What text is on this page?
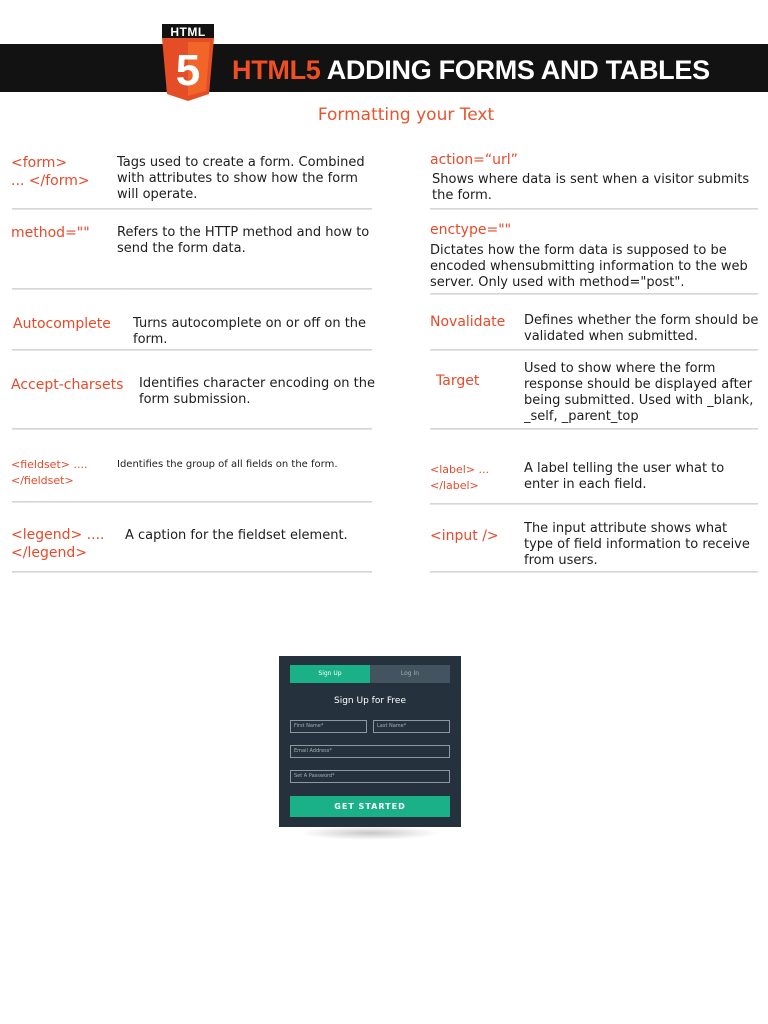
5
HTML
HTML5 ADDING FORMS AND TABLES
Formatting your Text
<form>
... </form>
Tags used to create a form. Combined with attributes to show how the form will operate.
method="" Refers to the HTTP method and how to send the form data.
Autocomplete Turns autocomplete on or off on the form.
Accept-charsets Identifies character encoding on the form submission.
<fieldset> ....
</fieldset>
Identifies the group of all fields on the form.
<legend> ....
</legend>
A caption for the fieldset element.
action=“url”
Shows where data is sent when a visitor submits the form.
enctype=""
Dictates how the form data is supposed to be encoded whensubmitting information to the web server. Only used with method="post".
Novalidate Defines whether the form should be validated when submitted.
Target
Used to show where the form response should be displayed after being submitted. Used with _blank, _self, _parent_top
<label> ...
</label>
A label telling the user what to enter in each field.
<input /> The input attribute shows what type of field information to receive from users.
Sign Up	Log In
Sign Up for Free
First Name*	Last Name*
Email Address*
Set A Password*
GET STARTED
